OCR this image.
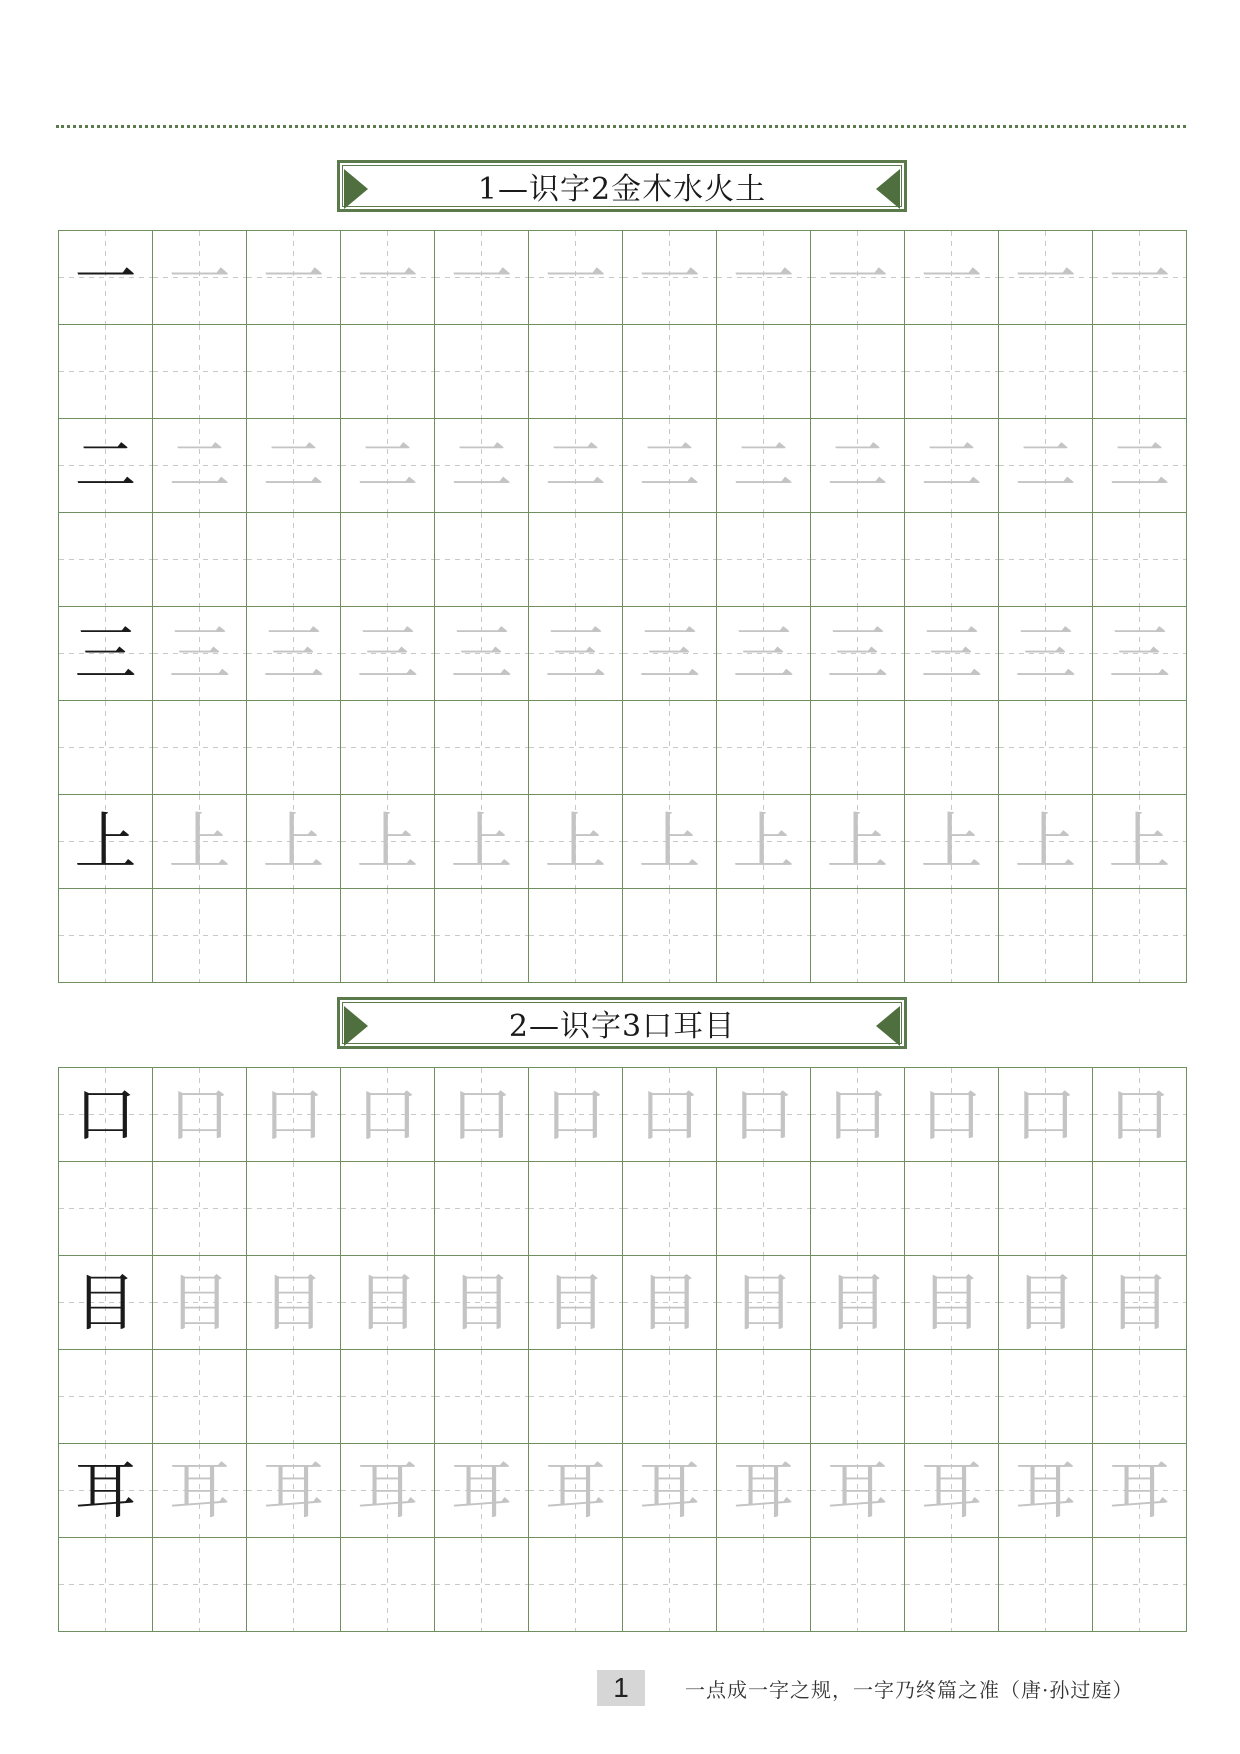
1—识字2金木水火土
一 一 一 一 一 一 一 一 一 一 一 一
二 二 二 二 二 二 二 二 二 二 二 二
三 三 三 三 三 三 三 三 三 三 三 三
上 上 上 上 上 上 上 上 上 上 上 上
2—识字3口耳目
口 口 口 口 口 口 口 口 口 口 口 口
目 目 目 目 目 目 目 目 目 目 目 目
耳 耳 耳 耳 耳 耳 耳 耳 耳 耳 耳 耳
1	一点成一字之规，一字乃终篇之准（唐·孙过庭）
